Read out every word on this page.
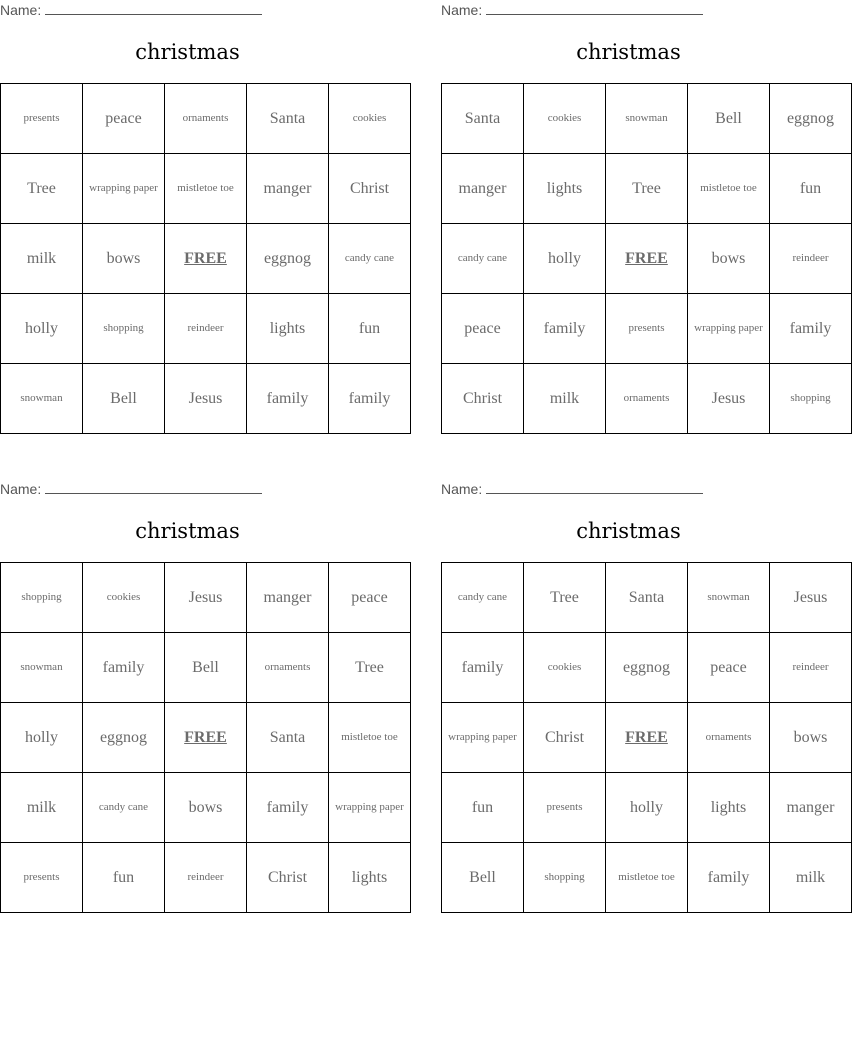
Name:
christmas
presents	peace	ornaments	Santa	cookies
Tree	wrapping paper	mistletoe toe	manger	Christ
milk	bows	FREE	eggnog	candy cane
holly	shopping	reindeer	lights	fun
snowman	Bell	Jesus	family	family
Name:
christmas
Santa	cookies	snowman	Bell	eggnog
manger	lights	Tree	mistletoe toe	fun
candy cane	holly	FREE	bows	reindeer
peace	family	presents	wrapping paper	family
Christ	milk	ornaments	Jesus	shopping
Name:
christmas
shopping	cookies	Jesus	manger	peace
snowman	family	Bell	ornaments	Tree
holly	eggnog	FREE	Santa	mistletoe toe
milk	candy cane	bows	family	wrapping paper
presents	fun	reindeer	Christ	lights
Name:
christmas
candy cane	Tree	Santa	snowman	Jesus
family	cookies	eggnog	peace	reindeer
wrapping paper	Christ	FREE	ornaments	bows
fun	presents	holly	lights	manger
Bell	shopping	mistletoe toe	family	milk
